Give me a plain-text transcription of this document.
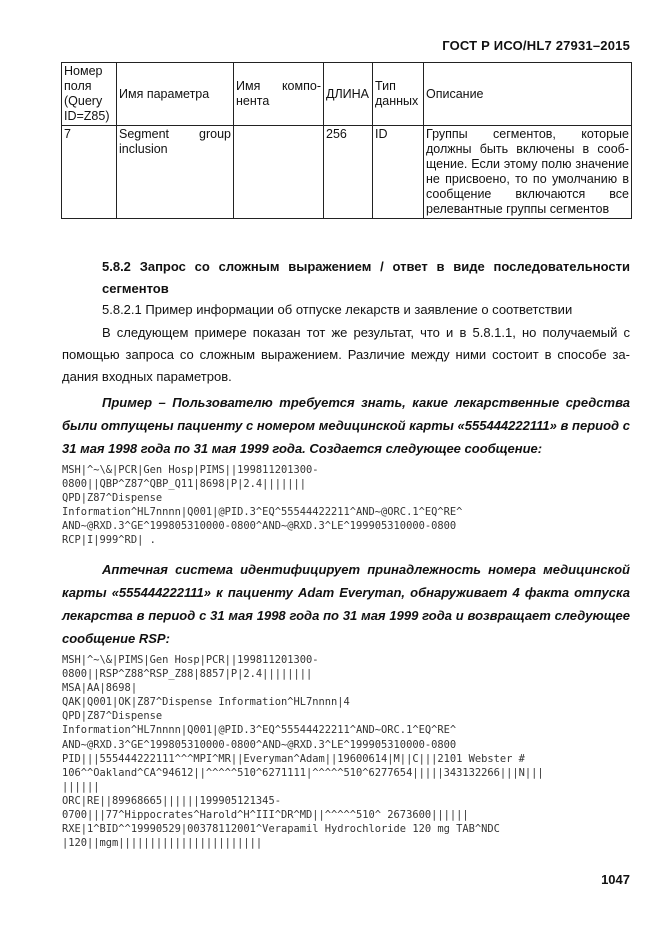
ГОСТ Р ИСО/HL7 27931–2015
Номер поля (Query ID=Z85)	Имя параметра	Имя компонента	ДЛИНА	Тип данных	Описание
7	Segment group inclusion		256	ID	Группы сегментов, которые должны быть включены в сообщение. Если этому полю значение не присвоено, то по умолчанию в сообщение включаются все релевантные группы сегментов
5.8.2 Запрос со сложным выражением / ответ в виде последовательности сегментов
5.8.2.1 Пример информации об отпуске лекарств и заявление о соответствии
В следующем примере показан тот же результат, что и в 5.8.1.1, но получаемый с помощью запроса со сложным выражением. Различие между ними состоит в способе задания входных параметров.
Пример – Пользователю требуется знать, какие лекарственные средства были отпущены пациенту с номером медицинской карты «555444222111» в период с 31 мая 1998 года по 31 мая 1999 года. Создается следующее сообщение:
MSH|^~\&|PCR|Gen Hosp|PIMS||199811201300-
0800||QBP^Z87^QBP_Q11|8698|P|2.4|||||||
QPD|Z87^Dispense
Information^HL7nnnn|Q001|@PID.3^EQ^55544422211^AND~@ORC.1^EQ^RE^
AND~@RXD.3^GE^199805310000-0800^AND~@RXD.3^LE^199905310000-0800
RCP|I|999^RD| .
Аптечная система идентифицирует принадлежность номера медицинской карты «555444222111» к пациенту Adam Everyman, обнаруживает 4 факта отпуска лекарства в период с 31 мая 1998 года по 31 мая 1999 года и возвращает следующее сообщение RSP:
MSH|^~\&|PIMS|Gen Hosp|PCR||199811201300-
0800||RSP^Z88^RSP_Z88|8857|P|2.4||||||||
MSA|AA|8698|
QAK|Q001|OK|Z87^Dispense Information^HL7nnnn|4
QPD|Z87^Dispense
Information^HL7nnnn|Q001|@PID.3^EQ^55544422211^AND~ORC.1^EQ^RE^
AND~@RXD.3^GE^199805310000-0800^AND~@RXD.3^LE^199905310000-0800
PID|||555444222111^^^MPI^MR||Everyman^Adam||19600614|M||C|||2101 Webster #
106^^Oakland^CA^94612||^^^^^510^6271111|^^^^^510^6277654|||||343132266|||N|||
||||||
ORC|RE||89968665||||||199905121345-
0700|||77^Hippocrates^Harold^H^III^DR^MD||^^^^^510^ 2673600||||||
RXE|1^BID^^19990529|00378112001^Verapamil Hydrochloride 120 mg TAB^NDC
|120||mgm|||||||||||||||||||||||
1047
